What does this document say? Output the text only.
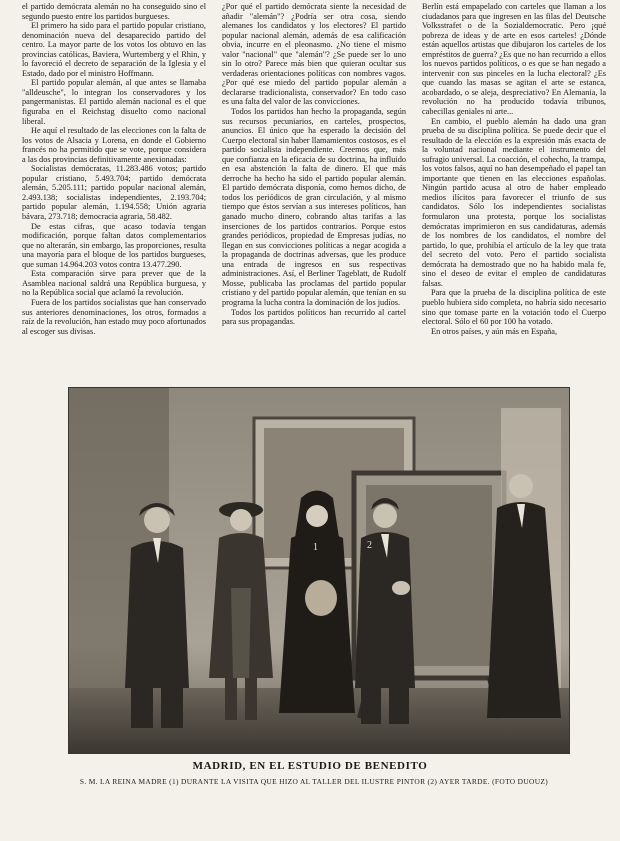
el partido demócrata alemán no ha conseguido sino el segundo puesto entre los partidos burgueses.

El primero ha sido para el partido popular cristiano, denominación nueva del desaparecido partido del centro. La mayor parte de los votos los obtuvo en las provincias católicas, Baviera, Wurtemberg y el Rhin, y lo favoreció el decreto de separación de la Iglesia y el Estado, dado por el ministro Hoffmann.

El partido popular alemán, al que antes se llamaba "alldeusche", lo integran los conservadores y los pangermanistas. El partido alemán nacional es el que figuraba en el Reichstag disuelto como nacional liberal.

He aquí el resultado de las elecciones con la falta de los votos de Alsacia y Lorena, en donde el Gobierno francés no ha permitido que se vote, porque considera a las dos provincias definitivamente anexionadas:

Socialistas demócratas, 11.283.486 votos; partido popular cristiano, 5.493.704; partido demócrata alemán, 5.205.111; partido popular nacional alemán, 2.493.138; socialistas independientes, 2.193.704; partido popular alemán, 1.194.558; Unión agraria bávara, 273.718; democracia agraria, 58.482.

De estas cifras, que acaso todavía tengan modificación, porque faltan datos complementarios que no alterarán, sin embargo, las proporciones, resulta una mayoría para el bloque de los partidos burgueses, que suman 14.964.203 votos contra 13.477.290.

Esta comparación sirve para prever que de la Asamblea nacional saldrá una República burguesa, y no la República social que aclamó la revolución.

Fuera de los partidos socialistas que han conservado sus anteriores denominaciones, los otros, formados a raíz de la revolución, han estado muy poco afortunados al escoger sus divisas.

¿Por qué el partido demócrata siente la necesidad de añadir "alemán"? ¿Podría ser otra cosa, siendo alemanes los candidatos y los electores? El partido popular nacional alemán, además de esa calificación obvia, incurre en el pleonasmo. ¿No tiene el mismo valor "nacional" que "alemán"? ¿Se puede ser lo uno sin lo otro? Parece más bien que quieran ocultar sus verdaderas orientaciones políticas con nombres vagos. ¿Por qué ese miedo del partido popular alemán a declararse tradicionalista, conservador? En todo caso es una falta del valor de las convicciones.

Todos los partidos han hecho la propaganda, según sus recursos pecuniarios, en carteles, prospectos, anuncios. El único que ha esperado la decisión del Cuerpo electoral sin haber llamamientos costosos, es el partido socialista independiente. Creemos que, más que confianza en la eficacia de su doctrina, ha influido en esa abstención la falta de dinero. El que más derroche ha hecho ha sido el partido popular alemán. El partido demócrata disponía, como hemos dicho, de todos los periódicos de gran circulación, y al mismo tiempo que éstos servían a sus intereses políticos, han ganado mucho dinero, cobrando altas tarifas a las inserciones de los partidos contrarios. Porque estos grandes periódicos, propiedad de Empresas judías, no llegan en sus convicciones políticas a negar acogida a la propaganda de doctrinas adversas, que les produce una entrada de ingresos en sus respectivas administraciones. Así, el Berliner Tageblatt, de Rudolf Mosse, publicaba las proclamas del partido popular cristiano y del partido popular alemán, que tenían en su programa la lucha contra la dominación de los judíos.

Todos los partidos políticos han recurrido al cartel para sus propagandas.

Berlín está empapelado con carteles que llaman a los ciudadanos para que ingresen en las filas del Deutsche Volksstrafet o de la Sozialdemocratic. Pero ¡qué pobreza de ideas y de arte en esos carteles! ¿Dónde están aquellos artistas que dibujaron los carteles de los empréstitos de guerra? ¿Es que no han recurrido a ellos los nuevos partidos políticos, o es que se han negado a intervenir con sus pinceles en la lucha electoral? ¿Es que cuando las masas se agitan el arte se estanca, acobardado, o se aleja, despreciativo? En Alemania, la revolución no ha producido todavía tribunos, cabecillas geniales ni arte...

En cambio, el pueblo alemán ha dado una gran prueba de su disciplina política. Se puede decir que el resultado de la elección es la expresión más exacta de la voluntad nacional mediante el instrumento del sufragio universal. La coacción, el cohecho, la trampa, los votos falsos, aquí no han desempeñado el papel tan importante que tienen en las elecciones españolas. Ningún partido acusa al otro de haber empleado medios ilícitos para favorecer el triunfo de sus candidatos. Sólo los independientes socialistas formularon una protesta, porque los socialistas demócratas imprimieron en sus candidaturas, además de los nombres de los candidatos, el nombre del partido, lo que, prohibía el artículo de la ley que trata del secreto del voto. Pero el partido socialista demócrata ha demostrado que no ha habido mala fe, sino el deseo de evitar el empleo de candidaturas falsas.

Para que la prueba de la disciplina política de este pueblo hubiera sido completa, no habría sido necesario sino que tomase parte en la votación todo el Cuerpo electoral. Sólo el 60 por 100 ha votado.

En otros países, y aún más en España,

1	2
MADRID, EN EL ESTUDIO DE BENEDITO
S. M. LA REINA MADRE (1) DURANTE LA VISITA QUE HIZO AL TALLER DEL ILUSTRE PINTOR (2) AYER TARDE. (FOTO DUOUZ)
